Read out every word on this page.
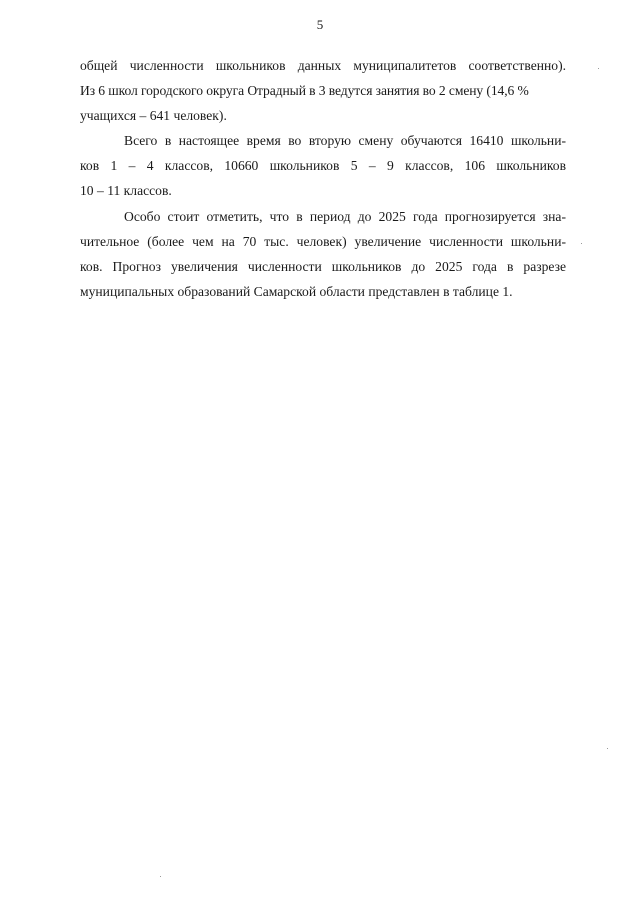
5
общей численности школьников данных муниципалитетов соответственно).
Из 6 школ городского округа Отрадный в 3 ведутся занятия во 2 смену (14,6 %
учащихся – 641 человек).
Всего в настоящее время во вторую смену обучаются 16410 школьни-
ков 1 – 4 классов, 10660 школьников 5 – 9 классов, 106 школьников
10 – 11 классов.
Особо стоит отметить, что в период до 2025 года прогнозируется зна-
чительное (более чем на 70 тыс. человек) увеличение численности школьни-
ков. Прогноз увеличения численности школьников до 2025 года в разрезе
муниципальных образований Самарской области представлен в таблице 1.
